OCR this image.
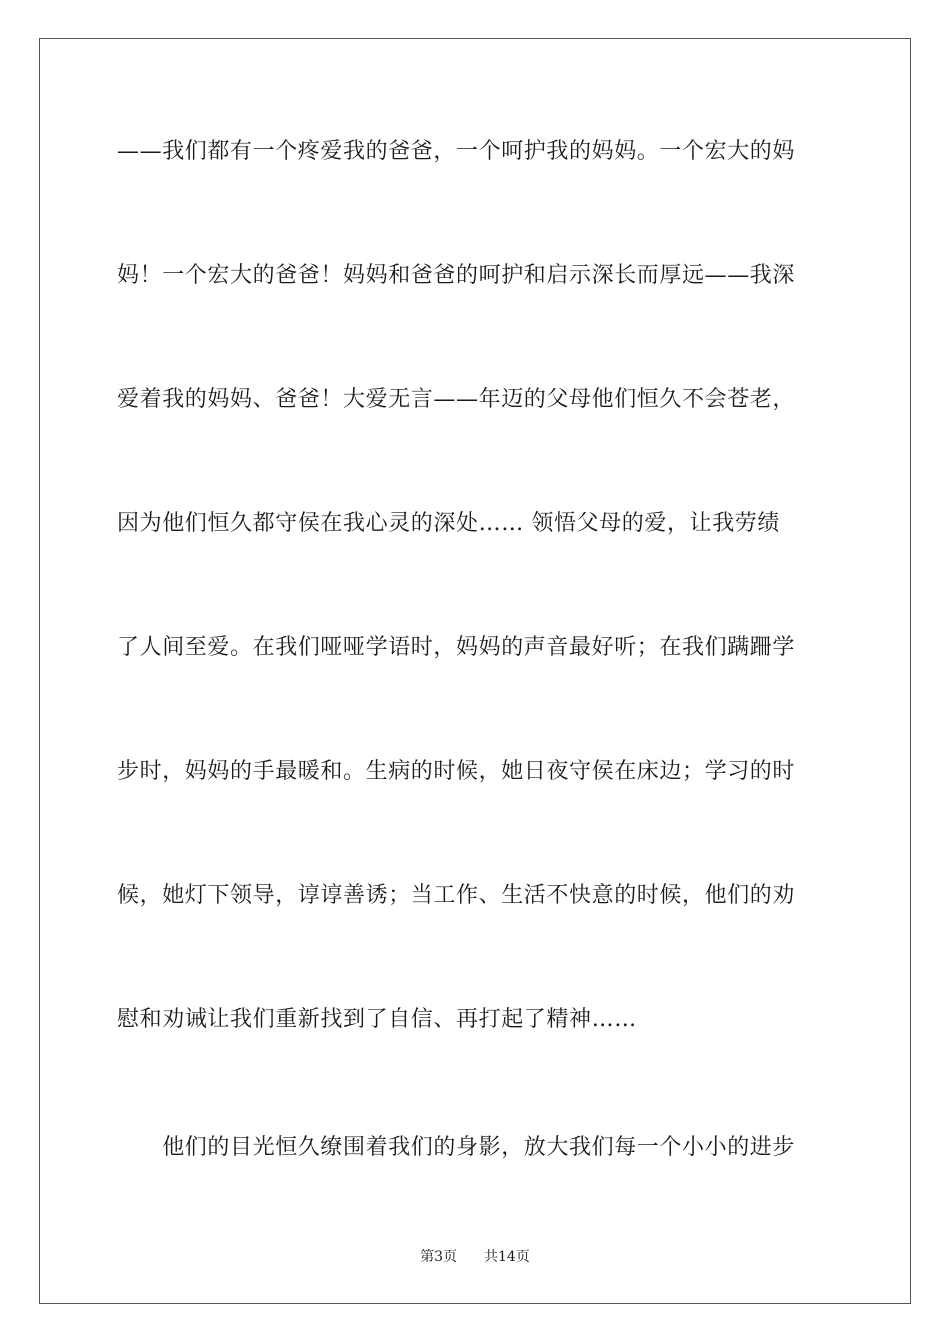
——我们都有一个疼爱我的爸爸，一个呵护我的妈妈。一个宏大的妈
妈！一个宏大的爸爸！妈妈和爸爸的呵护和启示深长而厚远——我深
爱着我的妈妈、爸爸！大爱无言——年迈的父母他们恒久不会苍老，
因为他们恒久都守侯在我心灵的深处…… 领悟父母的爱，让我劳绩
了人间至爱。在我们哑哑学语时，妈妈的声音最好听；在我们蹒跚学
步时，妈妈的手最暖和。生病的时候，她日夜守侯在床边；学习的时
候，她灯下领导，谆谆善诱；当工作、生活不快意的时候，他们的劝
慰和劝诫让我们重新找到了自信、再打起了精神……
　　他们的目光恒久缭围着我们的身影，放大我们每一个小小的进步
第3页 共14页
